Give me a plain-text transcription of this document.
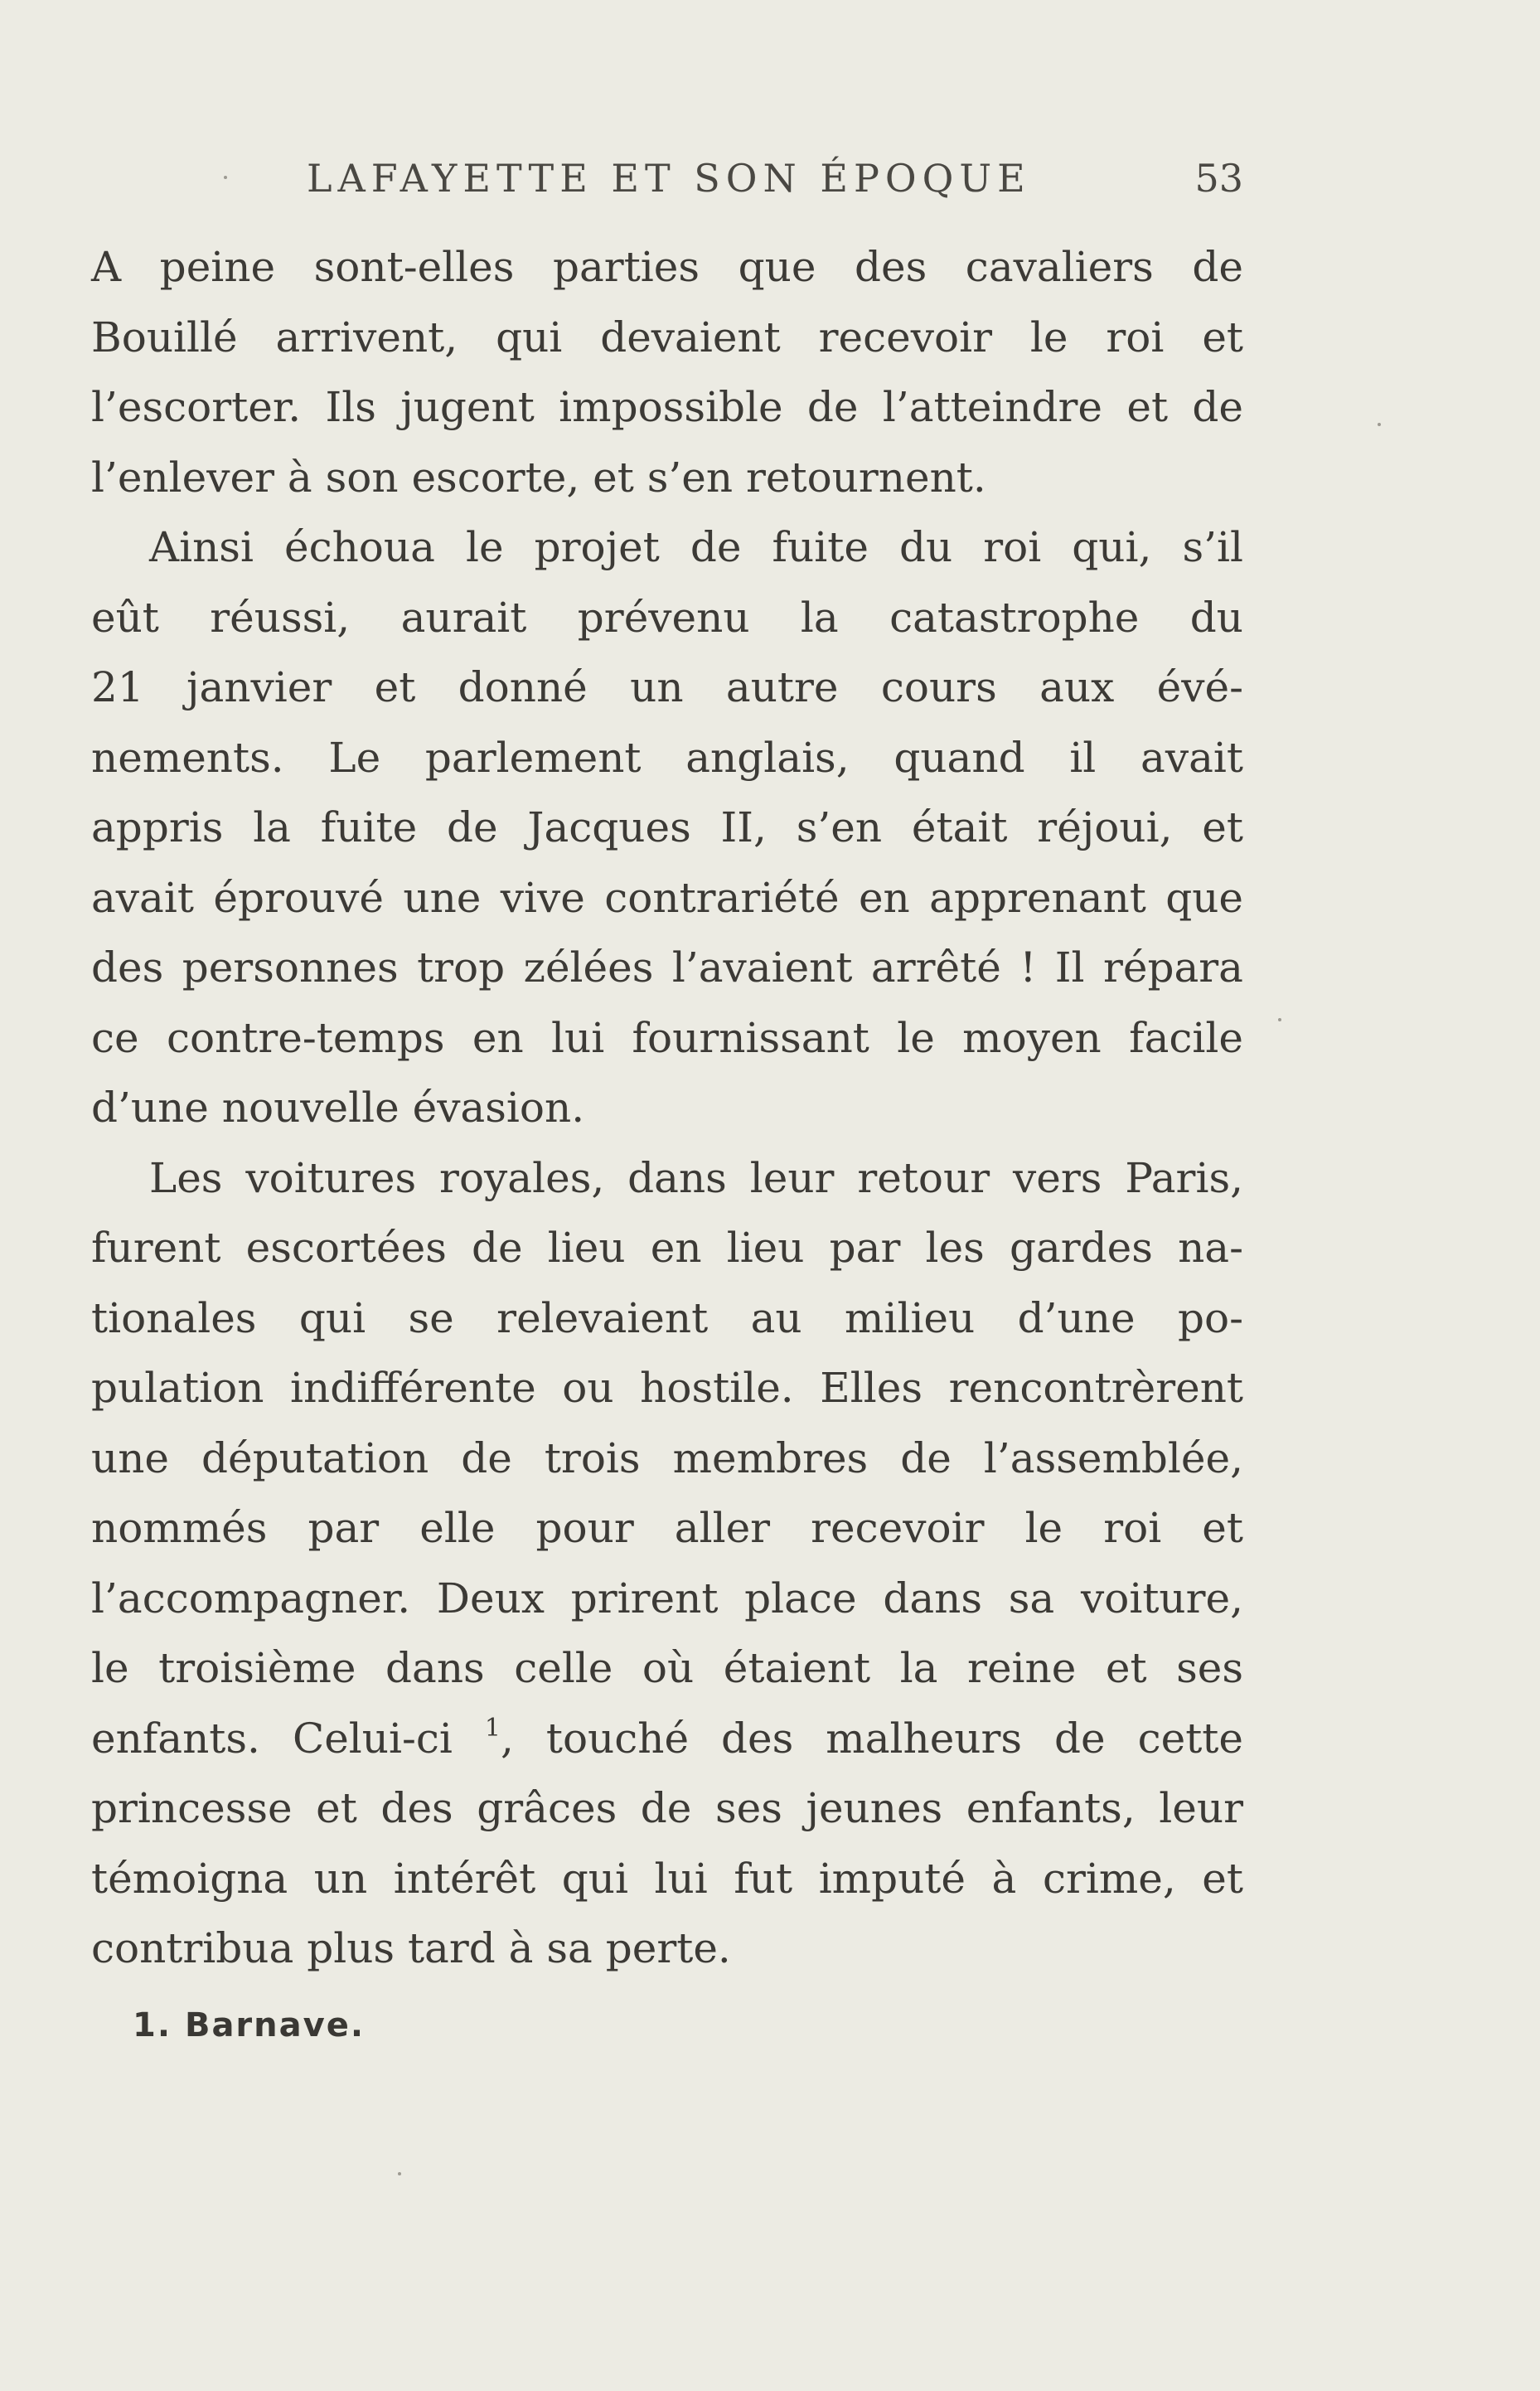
LAFAYETTE ET SON ÉPOQUE	53
A peine sont-elles parties que des cavaliers de
Bouillé arrivent, qui devaient recevoir le roi et
l’escorter. Ils jugent impossible de l’atteindre et de
l’enlever à son escorte, et s’en retournent.
Ainsi échoua le projet de fuite du roi qui, s’il
eût réussi, aurait prévenu la catastrophe du
21 janvier et donné un autre cours aux évé-
nements. Le parlement anglais, quand il avait
appris la fuite de Jacques II, s’en était réjoui, et
avait éprouvé une vive contrariété en apprenant que
des personnes trop zélées l’avaient arrêté ! Il répara
ce contre-temps en lui fournissant le moyen facile
d’une nouvelle évasion.
Les voitures royales, dans leur retour vers Paris,
furent escortées de lieu en lieu par les gardes na-
tionales qui se relevaient au milieu d’une po-
pulation indifférente ou hostile. Elles rencontrèrent
une députation de trois membres de l’assemblée,
nommés par elle pour aller recevoir le roi et
l’accompagner. Deux prirent place dans sa voiture,
le troisième dans celle où étaient la reine et ses
enfants. Celui-ci $^1$, touché des malheurs de cette
princesse et des grâces de ses jeunes enfants, leur
témoigna un intérêt qui lui fut imputé à crime, et
contribua plus tard à sa perte.
1. Barnave.
